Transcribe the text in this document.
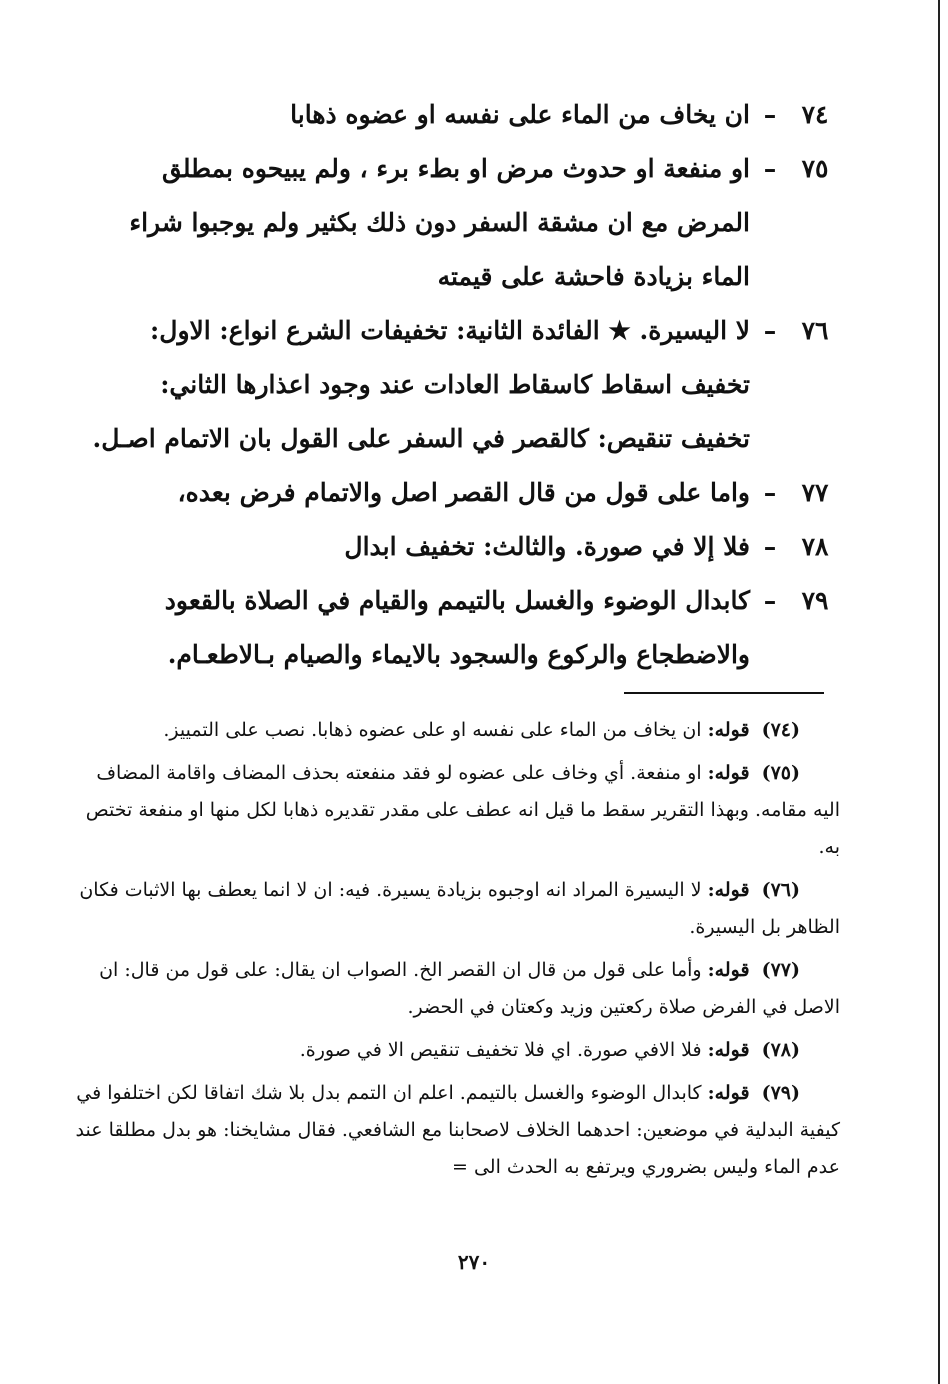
٧٤
–
ان يخاف من الماء على نفسه او عضوه ذهابا
٧٥
–
او منفعة او حدوث مرض او بطء برء ، ولم يبيحوه بمطلق
المرض مع ان مشقة السفر دون ذلك بكثير ولم يوجبوا شراء
الماء بزيادة فاحشة على قيمته
٧٦
–
لا اليسيرة. ★ الفائدة الثانية: تخفيفات الشرع انواع: الاول:
تخفيف اسقاط كاسقاط العادات عند وجود اعذارها الثاني:
تخفيف تنقيص: كالقصر في السفر على القول بان الاتمام اصـل.
٧٧
–
واما على قول من قال القصر اصل والاتمام فرض بعده،
٧٨
–
فلا إلا في صورة. والثالث: تخفيف ابدال
٧٩
–
كابدال الوضوء والغسل بالتيمم والقيام في الصلاة بالقعود
والاضطجاع والركوع والسجود بالايماء والصيام بـالاطعـام.
(٧٤) قوله: ان يخاف من الماء على نفسه او على عضوه ذهابا. نصب على التمييز.
(٧٥) قوله: او منفعة. أي وخاف على عضوه لو فقد منفعته بحذف المضاف واقامة المضاف اليه مقامه. وبهذا التقرير سقط ما قيل انه عطف على مقدر تقديره ذهابا لكل منها او منفعة تختص به.
(٧٦) قوله: لا اليسيرة المراد انه اوجبوه بزيادة يسيرة. فيه: ان لا انما يعطف بها الاثبات فكان الظاهر بل اليسيرة.
(٧٧) قوله: وأما على قول من قال ان القصر الخ. الصواب ان يقال: على قول من قال: ان الاصل في الفرض صلاة ركعتين وزيد وكعتان في الحضر.
(٧٨) قوله: فلا الافي صورة. اي فلا تخفيف تنقيص الا في صورة.
(٧٩) قوله: كابدال الوضوء والغسل بالتيمم. اعلم ان التمم بدل بلا شك اتفاقا لكن اختلفوا في كيفية البدلية في موضعين: احدهما الخلاف لاصحابنا مع الشافعي. فقال مشايخنا: هو بدل مطلقا عند عدم الماء وليس بضروري ويرتفع به الحدث الى =
٢٧٠
